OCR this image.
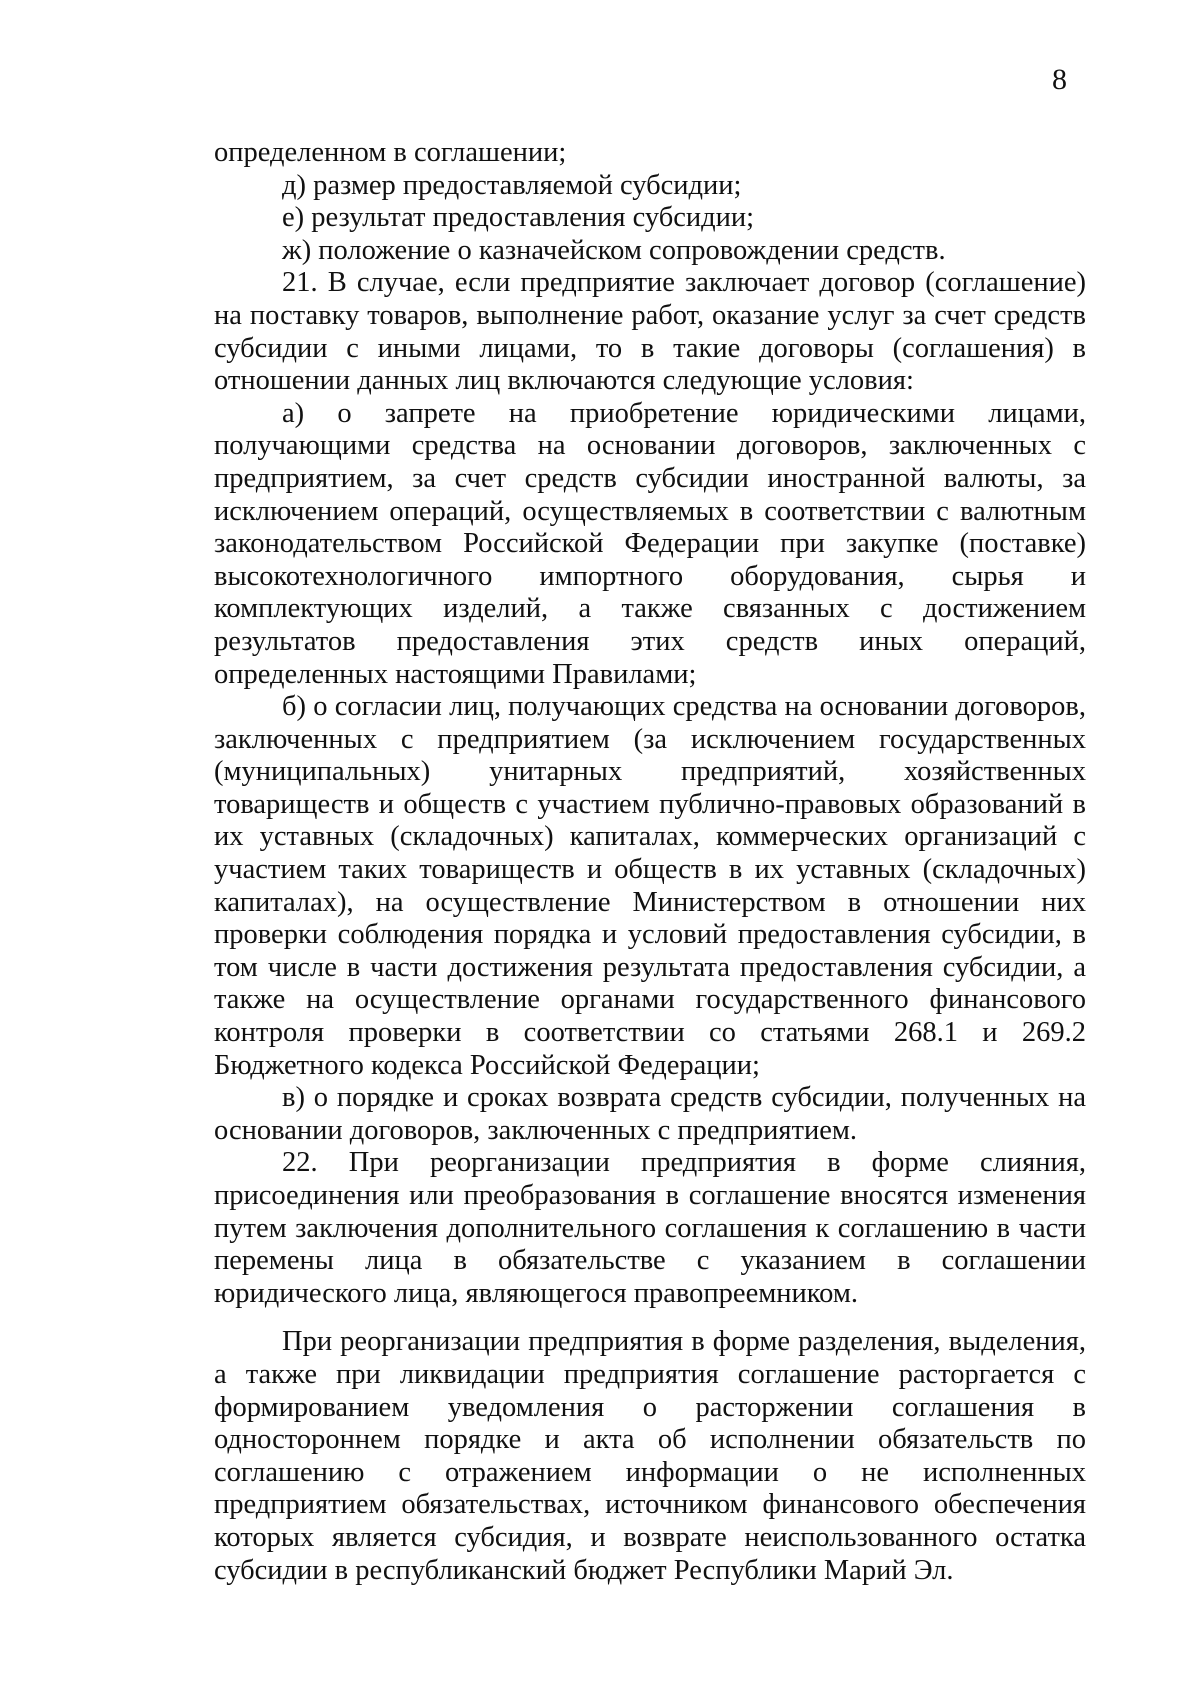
8

определенном в соглашении;

д) размер предоставляемой субсидии;

е) результат предоставления субсидии;

ж) положение о казначейском сопровождении средств.

21. В случае, если предприятие заключает договор (соглашение) на поставку товаров, выполнение работ, оказание услуг за счет средств субсидии с иными лицами, то в такие договоры (соглашения) в отношении данных лиц включаются следующие условия:

а) о запрете на приобретение юридическими лицами, получающими средства на основании договоров, заключенных с предприятием, за счет средств субсидии иностранной валюты, за исключением операций, осуществляемых в соответствии с валютным законодательством Российской Федерации при закупке (поставке) высокотехнологичного импортного оборудования, сырья и комплектующих изделий, а также связанных с достижением результатов предоставления этих средств иных операций, определенных настоящими Правилами;

б) о согласии лиц, получающих средства на основании договоров, заключенных с предприятием (за исключением государственных (муниципальных) унитарных предприятий, хозяйственных товариществ и обществ с участием публично-правовых образований в их уставных (складочных) капиталах, коммерческих организаций с участием таких товариществ и обществ в их уставных (складочных) капиталах), на осуществление Министерством в отношении них проверки соблюдения порядка и условий предоставления субсидии, в том числе в части достижения результата предоставления субсидии, а также на осуществление органами государственного финансового контроля проверки в соответствии со статьями 268.1 и 269.2 Бюджетного кодекса Российской Федерации;

в) о порядке и сроках возврата средств субсидии, полученных на основании договоров, заключенных с предприятием.

22. При реорганизации предприятия в форме слияния, присоединения или преобразования в соглашение вносятся изменения путем заключения дополнительного соглашения к соглашению в части перемены лица в обязательстве с указанием в соглашении юридического лица, являющегося правопреемником.

При реорганизации предприятия в форме разделения, выделения, а также при ликвидации предприятия соглашение расторгается с формированием уведомления о расторжении соглашения в одностороннем порядке и акта об исполнении обязательств по соглашению с отражением информации о не исполненных предприятием обязательствах, источником финансового обеспечения которых является субсидия, и возврате неиспользованного остатка субсидии в республиканский бюджет Республики Марий Эл.
